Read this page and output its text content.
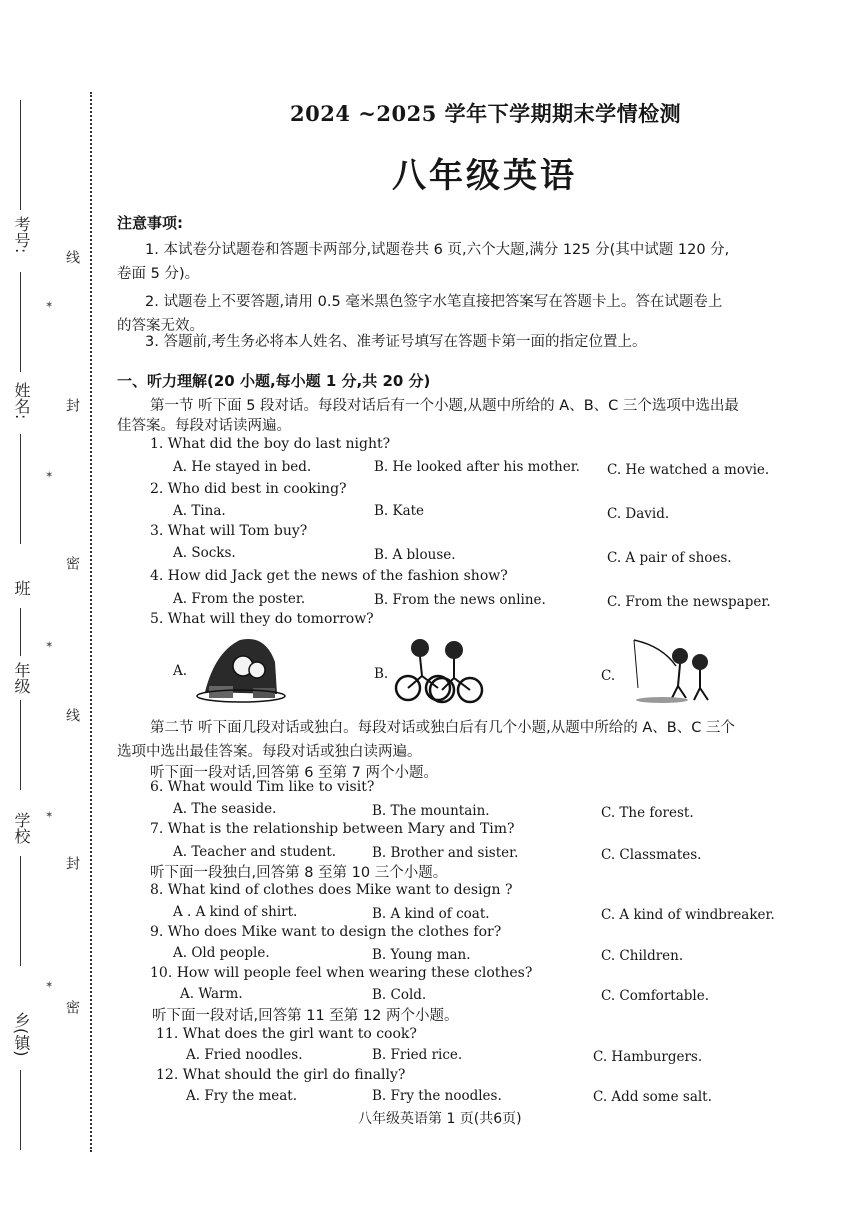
线
封
密
线
封
密
考号:
姓名:
年级
班
学校
乡(镇)
✶
✶
✶
✶
✶
2024 ~2025 学年下学期期末学情检测
八年级英语
注意事项:
1. 本试卷分试题卷和答题卡两部分,试题卷共 6 页,六个大题,满分 125 分(其中试题 120 分,
卷面 5 分)。
2. 试题卷上不要答题,请用 0.5 毫米黑色签字水笔直接把答案写在答题卡上。答在试题卷上
的答案无效。
3. 答题前,考生务必将本人姓名、准考证号填写在答题卡第一面的指定位置上。
一、听力理解(20 小题,每小题 1 分,共 20 分)
第一节 听下面 5 段对话。每段对话后有一个小题,从题中所给的 A、B、C 三个选项中选出最
佳答案。每段对话读两遍。
1. What did the boy do last night?
A. He stayed in bed.	B. He looked after his mother. C. He watched a movie.
2. Who did best in cooking?
A. Tina.	B. Kate	C. David.
3. What will Tom buy?
A. Socks.	B. A blouse.	C. A pair of shoes.
4. How did Jack get the news of the fashion show?
A. From the poster.	B. From the news online.	C. From the newspaper.
5. What will they do tomorrow?
A.	B.	C.
第二节 听下面几段对话或独白。每段对话或独白后有几个小题,从题中所给的 A、B、C 三个
选项中选出最佳答案。每段对话或独白读两遍。
听下面一段对话,回答第 6 至第 7 两个小题。
6. What would Tim like to visit?
A. The seaside.	B. The mountain.	C. The forest.
7. What is the relationship between Mary and Tim?
A. Teacher and student.	B. Brother and sister.	C. Classmates.
听下面一段独白,回答第 8 至第 10 三个小题。
8. What kind of clothes does Mike want to design ?
A . A kind of shirt.	B. A kind of coat.	C. A kind of windbreaker.
9. Who does Mike want to design the clothes for?
A. Old people.	B. Young man.	C. Children.
10. How will people feel when wearing these clothes?
A. Warm.	B. Cold.	C. Comfortable.
听下面一段对话,回答第 11 至第 12 两个小题。
11. What does the girl want to cook?
A. Fried noodles.	B. Fried rice.	C. Hamburgers.
12. What should the girl do finally?
A. Fry the meat.	B. Fry the noodles.	C. Add some salt.
八年级英语第 1 页(共6页)
